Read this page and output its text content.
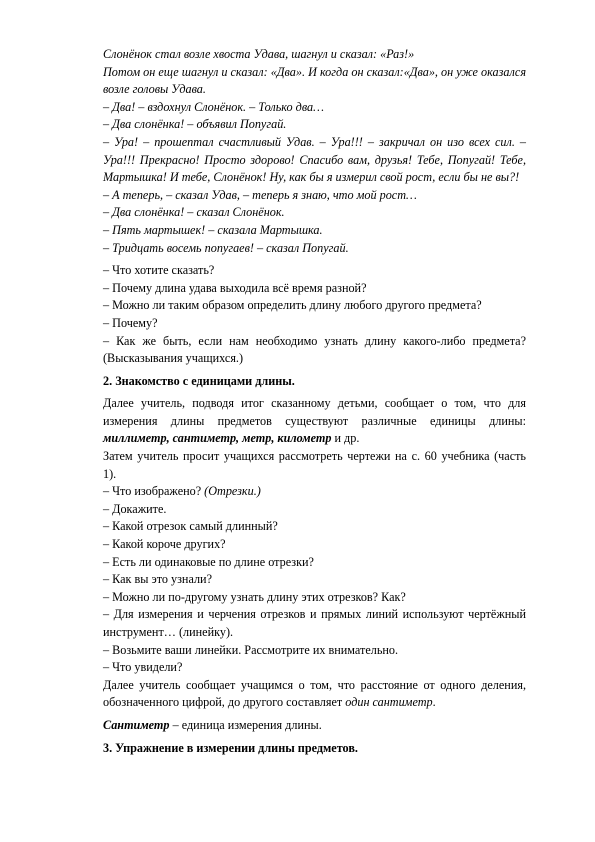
Слонёнок стал возле хвоста Удава, шагнул и сказал: «Раз!»

Потом он еще шагнул и сказал: «Два». И когда он сказал:«Два», он уже оказался возле головы Удава.

– Два! – вздохнул Слонёнок. – Только два…

– Два слонёнка! – объявил Попугай.

– Ура! – прошептал счастливый Удав. – Ура!!! – закричал он изо всех сил. – Ура!!! Прекрасно! Просто здорово! Спасибо вам, друзья! Тебе, Попугай! Тебе, Мартышка! И тебе, Слонёнок! Ну, как бы я измерил свой рост, если бы не вы?!

– А теперь, – сказал Удав, – теперь я знаю, что мой рост…

– Два слонёнка! – сказал Слонёнок.

– Пять мартышек! – сказала Мартышка.

– Тридцать восемь попугаев! – сказал Попугай.

– Что хотите сказать?

– Почему длина удава выходила всё время разной?

– Можно ли таким образом определить длину любого другого предмета?

– Почему?

– Как же быть, если нам необходимо узнать длину какого-либо предмета? (Высказывания учащихся.)

2. Знакомство с единицами длины.

Далее учитель, подводя итог сказанному детьми, сообщает о том, что для измерения длины предметов существуют различные единицы длины: миллиметр, сантиметр, метр, километр и др.

Затем учитель просит учащихся рассмотреть чертежи на с. 60 учебника (часть 1).

– Что изображено? (Отрезки.)

– Докажите.

– Какой отрезок самый длинный?

– Какой короче других?

– Есть ли одинаковые по длине отрезки?

– Как вы это узнали?

– Можно ли по-другому узнать длину этих отрезков? Как?

– Для измерения и черчения отрезков и прямых линий используют чертёжный инструмент… (линейку).

– Возьмите ваши линейки. Рассмотрите их внимательно.

– Что увидели?

Далее учитель сообщает учащимся о том, что расстояние от одного деления, обозначенного цифрой, до другого составляет один сантиметр.

Сантиметр – единица измерения длины.

3. Упражнение в измерении длины предметов.
